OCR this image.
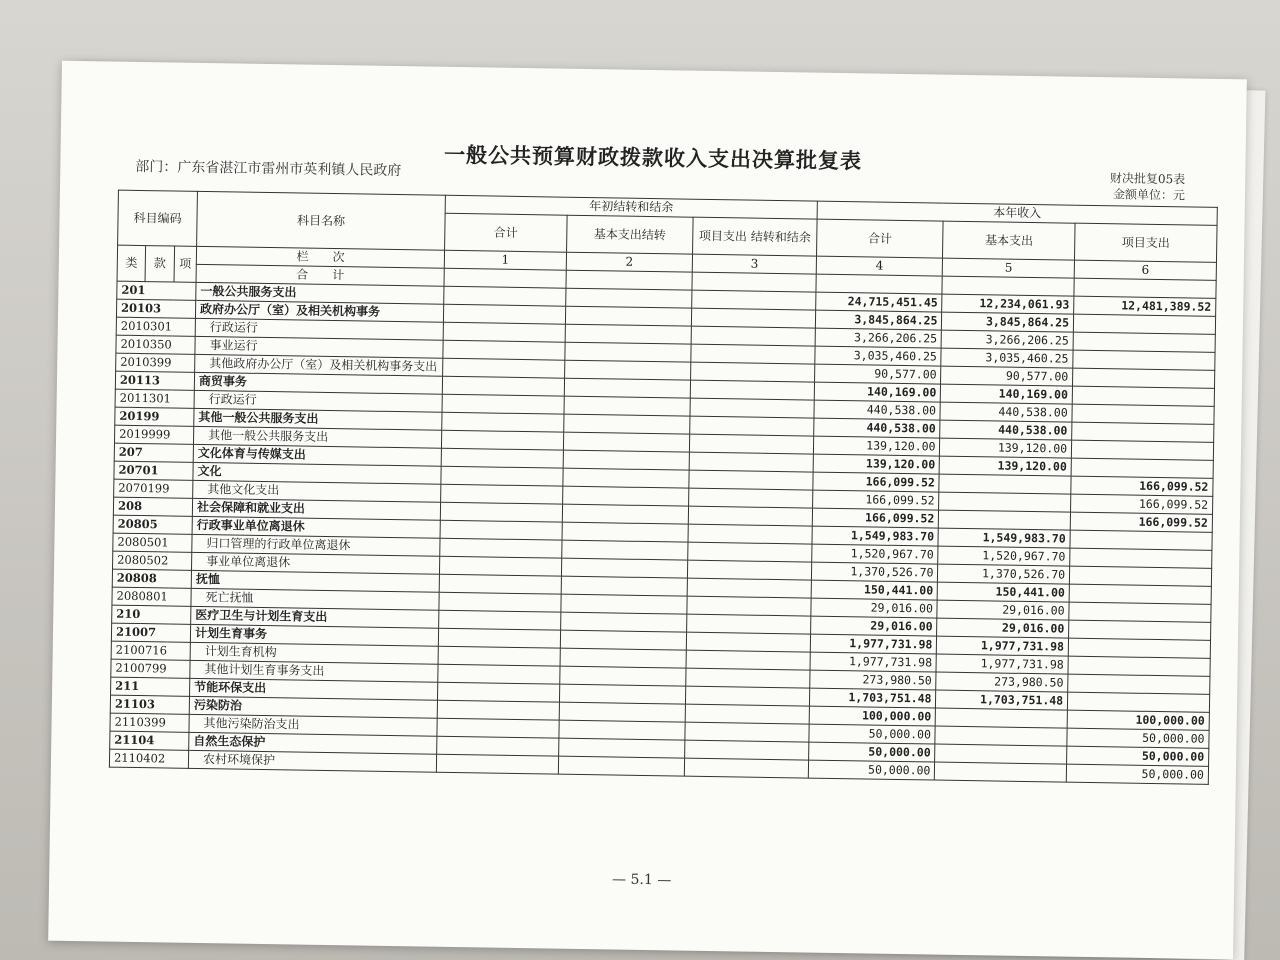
一般公共预算财政拨款收入支出决算批复表
部门：广东省湛江市雷州市英利镇人民政府	财决批复05表
金额单位：元
科目编码			科目名称	年初结转和结余			本年收入		
				合计	基本支出结转	项目支出 结转和结余	合计	基本支出	项目支出
类	款	项	栏　　次	1	2	3	4	5	6
			合　　计						
201			一般公共服务支出				24,715,451.45	12,234,061.93	12,481,389.52
20103			政府办公厅（室）及相关机构事务				3,845,864.25	3,845,864.25	
2010301			行政运行				3,266,206.25	3,266,206.25	
2010350			事业运行				3,035,460.25	3,035,460.25	
2010399			其他政府办公厅（室）及相关机构事务支出				90,577.00	90,577.00	
20113			商贸事务				140,169.00	140,169.00	
2011301			行政运行				440,538.00	440,538.00	
20199			其他一般公共服务支出				440,538.00	440,538.00	
2019999			其他一般公共服务支出				139,120.00	139,120.00	
207			文化体育与传媒支出				139,120.00	139,120.00	
20701			文化				166,099.52		166,099.52
2070199			其他文化支出				166,099.52		166,099.52
208			社会保障和就业支出				166,099.52		166,099.52
20805			行政事业单位离退休				1,549,983.70	1,549,983.70	
2080501			归口管理的行政单位离退休				1,520,967.70	1,520,967.70	
2080502			事业单位离退休				1,370,526.70	1,370,526.70	
20808			抚恤				150,441.00	150,441.00	
2080801			死亡抚恤				29,016.00	29,016.00	
210			医疗卫生与计划生育支出				29,016.00	29,016.00	
21007			计划生育事务				1,977,731.98	1,977,731.98	
2100716			计划生育机构				1,977,731.98	1,977,731.98	
2100799			其他计划生育事务支出				273,980.50	273,980.50	
211			节能环保支出				1,703,751.48	1,703,751.48	
21103			污染防治				100,000.00		100,000.00
2110399			其他污染防治支出				50,000.00		50,000.00
21104			自然生态保护				50,000.00		50,000.00
2110402			农村环境保护				50,000.00		50,000.00
— 5.1 —
